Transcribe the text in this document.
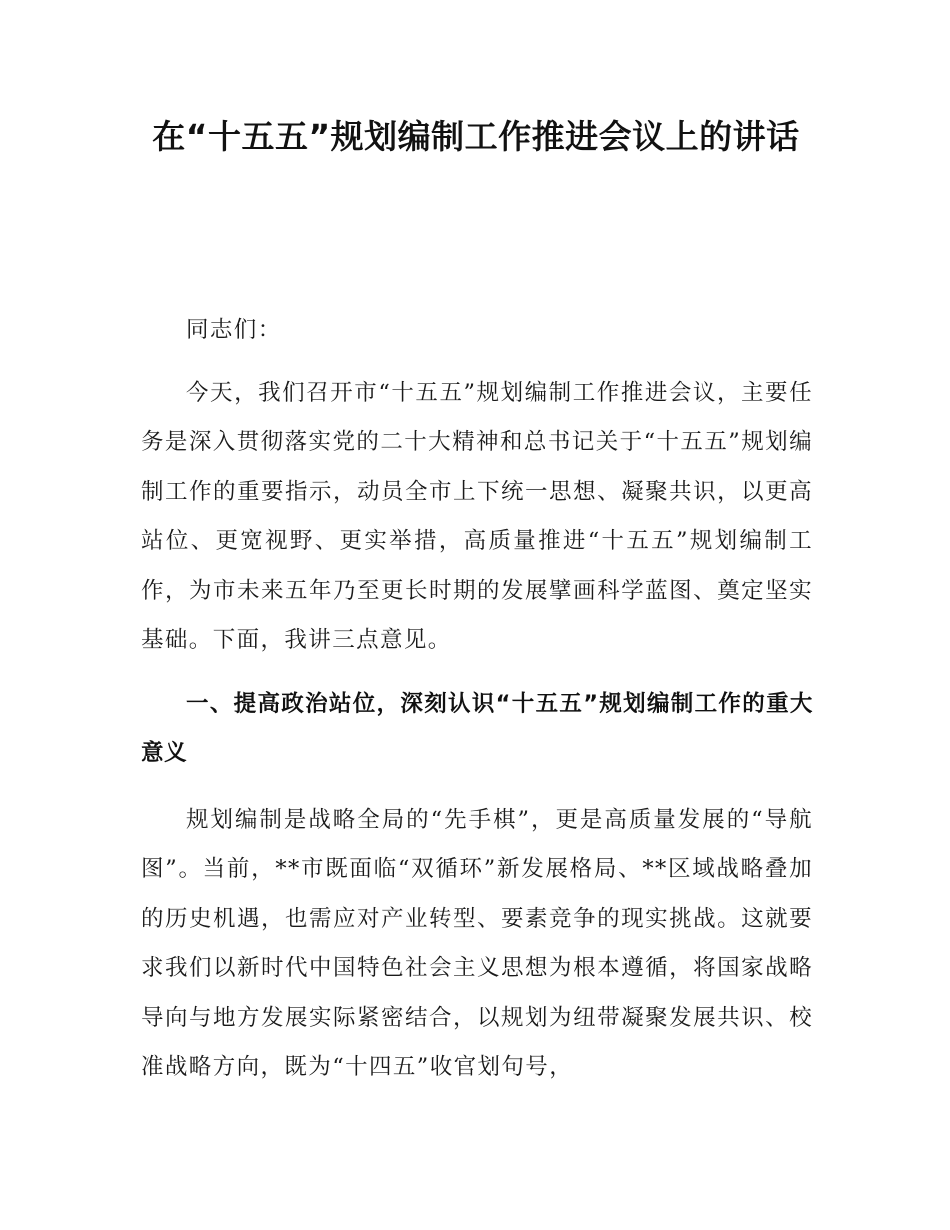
在“十五五”规划编制工作推进会议上的讲话

同志们：

今天，我们召开市“十五五”规划编制工作推进会议，主要任务是深入贯彻落实党的二十大精神和总书记关于“十五五”规划编制工作的重要指示，动员全市上下统一思想、凝聚共识，以更高站位、更宽视野、更实举措，高质量推进“十五五”规划编制工作，为市未来五年乃至更长时期的发展擘画科学蓝图、奠定坚实基础。下面，我讲三点意见。

一、提高政治站位，深刻认识“十五五”规划编制工作的重大意义

规划编制是战略全局的“先手棋”，更是高质量发展的“导航图”。当前，**市既面临“双循环”新发展格局、**区域战略叠加的历史机遇，也需应对产业转型、要素竞争的现实挑战。这就要求我们以新时代中国特色社会主义思想为根本遵循，将国家战略导向与地方发展实际紧密结合，以规划为纽带凝聚发展共识、校准战略方向，既为“十四五”收官划句号，
